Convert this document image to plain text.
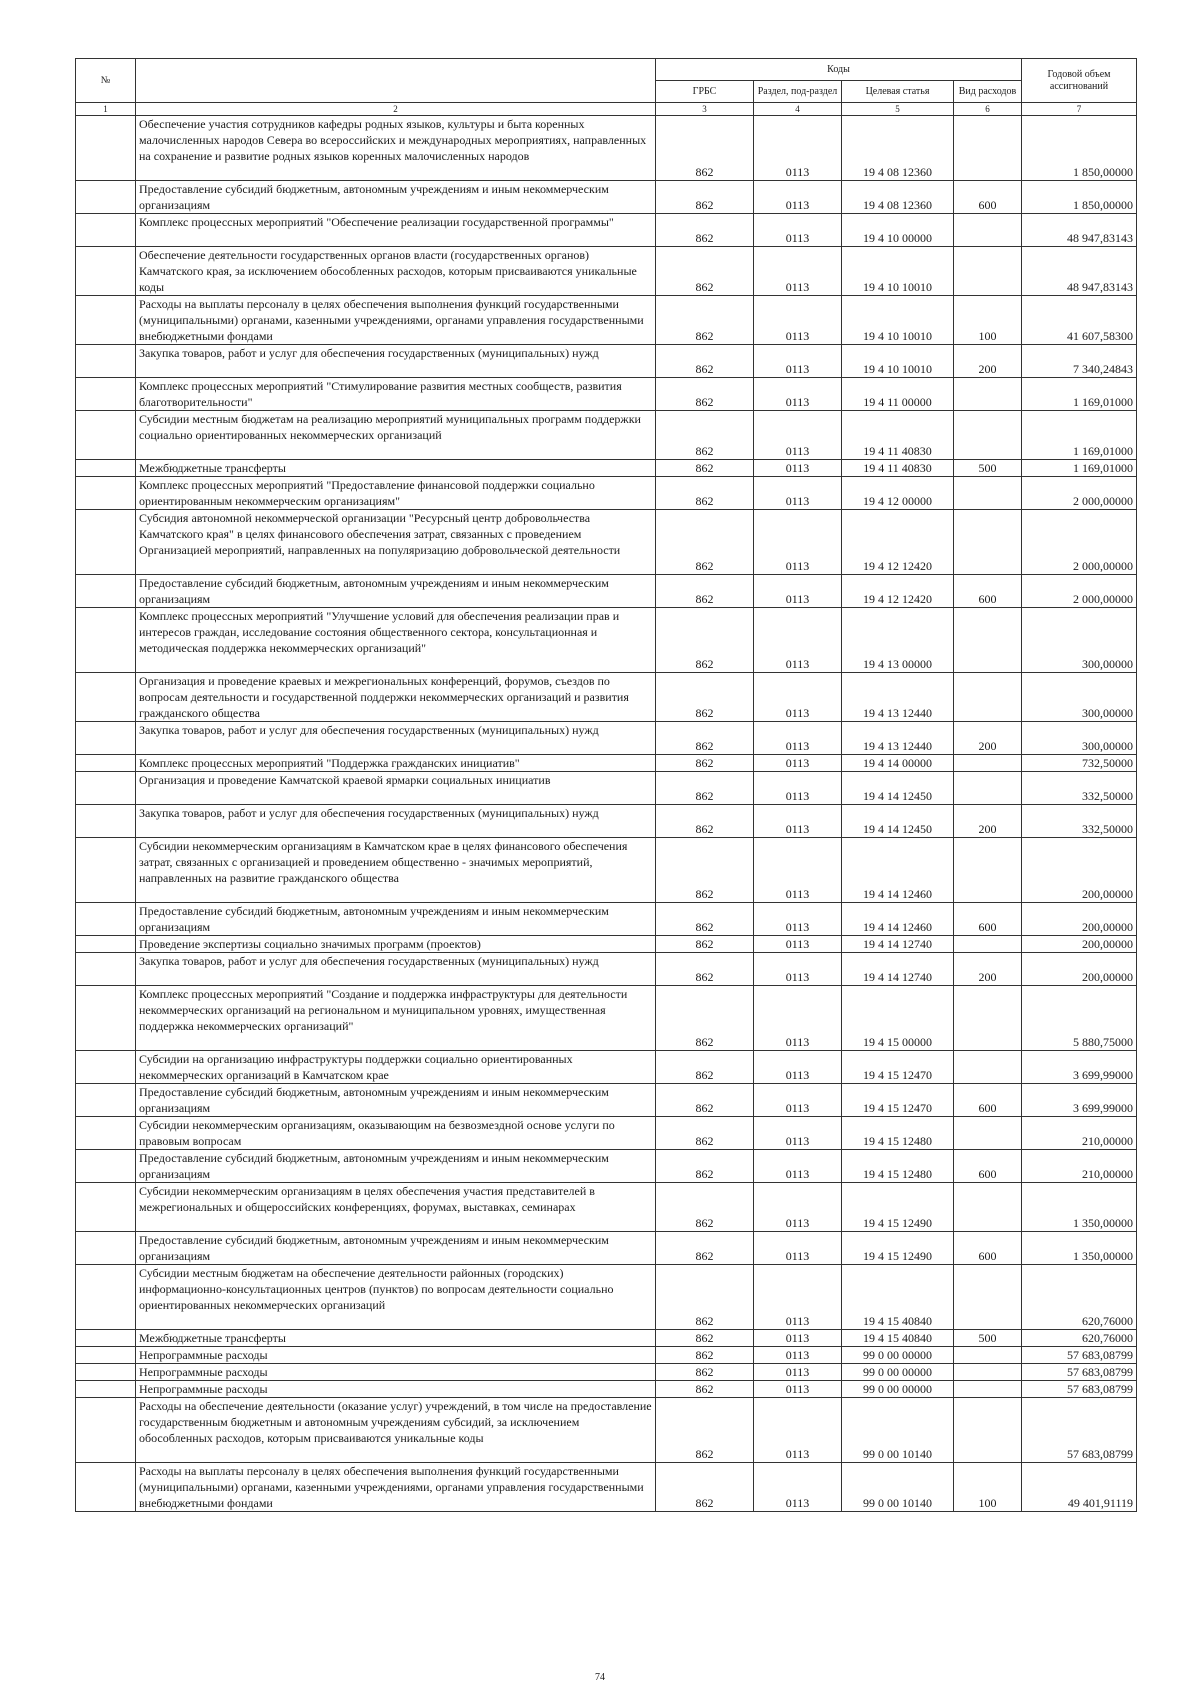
№		Коды				Годовой объем ассигнований
		ГРБС	Раздел, под-раздел	Целевая статья	Вид расходов	
1	2	3	4	5	6	7
	Обеспечение участия сотрудников кафедры родных языков, культуры и быта коренных малочисленных народов Севера во всероссийских и международных мероприятиях, направленных на сохранение и развитие родных языков коренных малочисленных народов	862	0113	19 4 08 12360		1 850,00000
	Предоставление субсидий бюджетным, автономным учреждениям и иным некоммерческим организациям	862	0113	19 4 08 12360	600	1 850,00000
	Комплекс процессных мероприятий "Обеспечение реализации государственной программы"	862	0113	19 4 10 00000		48 947,83143
	Обеспечение деятельности государственных органов власти (государственных органов) Камчатского края, за исключением обособленных расходов, которым присваиваются уникальные коды	862	0113	19 4 10 10010		48 947,83143
	Расходы на выплаты персоналу в целях обеспечения выполнения функций государственными (муниципальными) органами, казенными учреждениями, органами управления государственными внебюджетными фондами	862	0113	19 4 10 10010	100	41 607,58300
	Закупка товаров, работ и услуг для обеспечения государственных (муниципальных) нужд	862	0113	19 4 10 10010	200	7 340,24843
	Комплекс процессных мероприятий "Стимулирование развития местных сообществ, развития благотворительности"	862	0113	19 4 11 00000		1 169,01000
	Субсидии местным бюджетам на реализацию мероприятий муниципальных программ поддержки социально ориентированных некоммерческих организаций	862	0113	19 4 11 40830		1 169,01000
	Межбюджетные трансферты	862	0113	19 4 11 40830	500	1 169,01000
	Комплекс процессных мероприятий "Предоставление финансовой поддержки социально ориентированным некоммерческим организациям"	862	0113	19 4 12 00000		2 000,00000
	Субсидия автономной некоммерческой организации "Ресурсный центр добровольчества Камчатского края" в целях финансового обеспечения затрат, связанных с проведением Организацией мероприятий, направленных на популяризацию добровольческой деятельности	862	0113	19 4 12 12420		2 000,00000
	Предоставление субсидий бюджетным, автономным учреждениям и иным некоммерческим организациям	862	0113	19 4 12 12420	600	2 000,00000
	Комплекс процессных мероприятий "Улучшение условий для обеспечения реализации прав и интересов граждан, исследование состояния общественного сектора, консультационная и методическая поддержка некоммерческих организаций"	862	0113	19 4 13 00000		300,00000
	Организация и проведение краевых и межрегиональных конференций, форумов, съездов по вопросам деятельности и государственной поддержки некоммерческих организаций и развития гражданского общества	862	0113	19 4 13 12440		300,00000
	Закупка товаров, работ и услуг для обеспечения государственных (муниципальных) нужд	862	0113	19 4 13 12440	200	300,00000
	Комплекс процессных мероприятий "Поддержка гражданских инициатив"	862	0113	19 4 14 00000		732,50000
	Организация и проведение Камчатской краевой ярмарки социальных инициатив	862	0113	19 4 14 12450		332,50000
	Закупка товаров, работ и услуг для обеспечения государственных (муниципальных) нужд	862	0113	19 4 14 12450	200	332,50000
	Субсидии некоммерческим организациям в Камчатском крае в целях финансового обеспечения затрат, связанных с организацией и проведением общественно - значимых мероприятий, направленных на развитие гражданского общества	862	0113	19 4 14 12460		200,00000
	Предоставление субсидий бюджетным, автономным учреждениям и иным некоммерческим организациям	862	0113	19 4 14 12460	600	200,00000
	Проведение экспертизы социально значимых программ (проектов)	862	0113	19 4 14 12740		200,00000
	Закупка товаров, работ и услуг для обеспечения государственных (муниципальных) нужд	862	0113	19 4 14 12740	200	200,00000
	Комплекс процессных мероприятий "Создание и поддержка инфраструктуры для деятельности некоммерческих организаций на региональном и муниципальном уровнях, имущественная поддержка некоммерческих организаций"	862	0113	19 4 15 00000		5 880,75000
	Субсидии на организацию инфраструктуры поддержки социально ориентированных некоммерческих организаций в Камчатском крае	862	0113	19 4 15 12470		3 699,99000
	Предоставление субсидий бюджетным, автономным учреждениям и иным некоммерческим организациям	862	0113	19 4 15 12470	600	3 699,99000
	Субсидии некоммерческим организациям, оказывающим на безвозмездной основе услуги по правовым вопросам	862	0113	19 4 15 12480		210,00000
	Предоставление субсидий бюджетным, автономным учреждениям и иным некоммерческим организациям	862	0113	19 4 15 12480	600	210,00000
	Субсидии некоммерческим организациям в целях обеспечения участия представителей в межрегиональных и общероссийских конференциях, форумах, выставках, семинарах	862	0113	19 4 15 12490		1 350,00000
	Предоставление субсидий бюджетным, автономным учреждениям и иным некоммерческим организациям	862	0113	19 4 15 12490	600	1 350,00000
	Субсидии местным бюджетам на обеспечение деятельности районных (городских) информационно-консультационных центров (пунктов) по вопросам деятельности социально ориентированных некоммерческих организаций	862	0113	19 4 15 40840		620,76000
	Межбюджетные трансферты	862	0113	19 4 15 40840	500	620,76000
	Непрограммные расходы	862	0113	99 0 00 00000		57 683,08799
	Непрограммные расходы	862	0113	99 0 00 00000		57 683,08799
	Непрограммные расходы	862	0113	99 0 00 00000		57 683,08799
	Расходы на обеспечение деятельности (оказание услуг) учреждений, в том числе на предоставление государственным бюджетным и автономным учреждениям субсидий, за исключением обособленных расходов, которым присваиваются уникальные коды	862	0113	99 0 00 10140		57 683,08799
	Расходы на выплаты персоналу в целях обеспечения выполнения функций государственными (муниципальными) органами, казенными учреждениями, органами управления государственными внебюджетными фондами	862	0113	99 0 00 10140	100	49 401,91119
74
